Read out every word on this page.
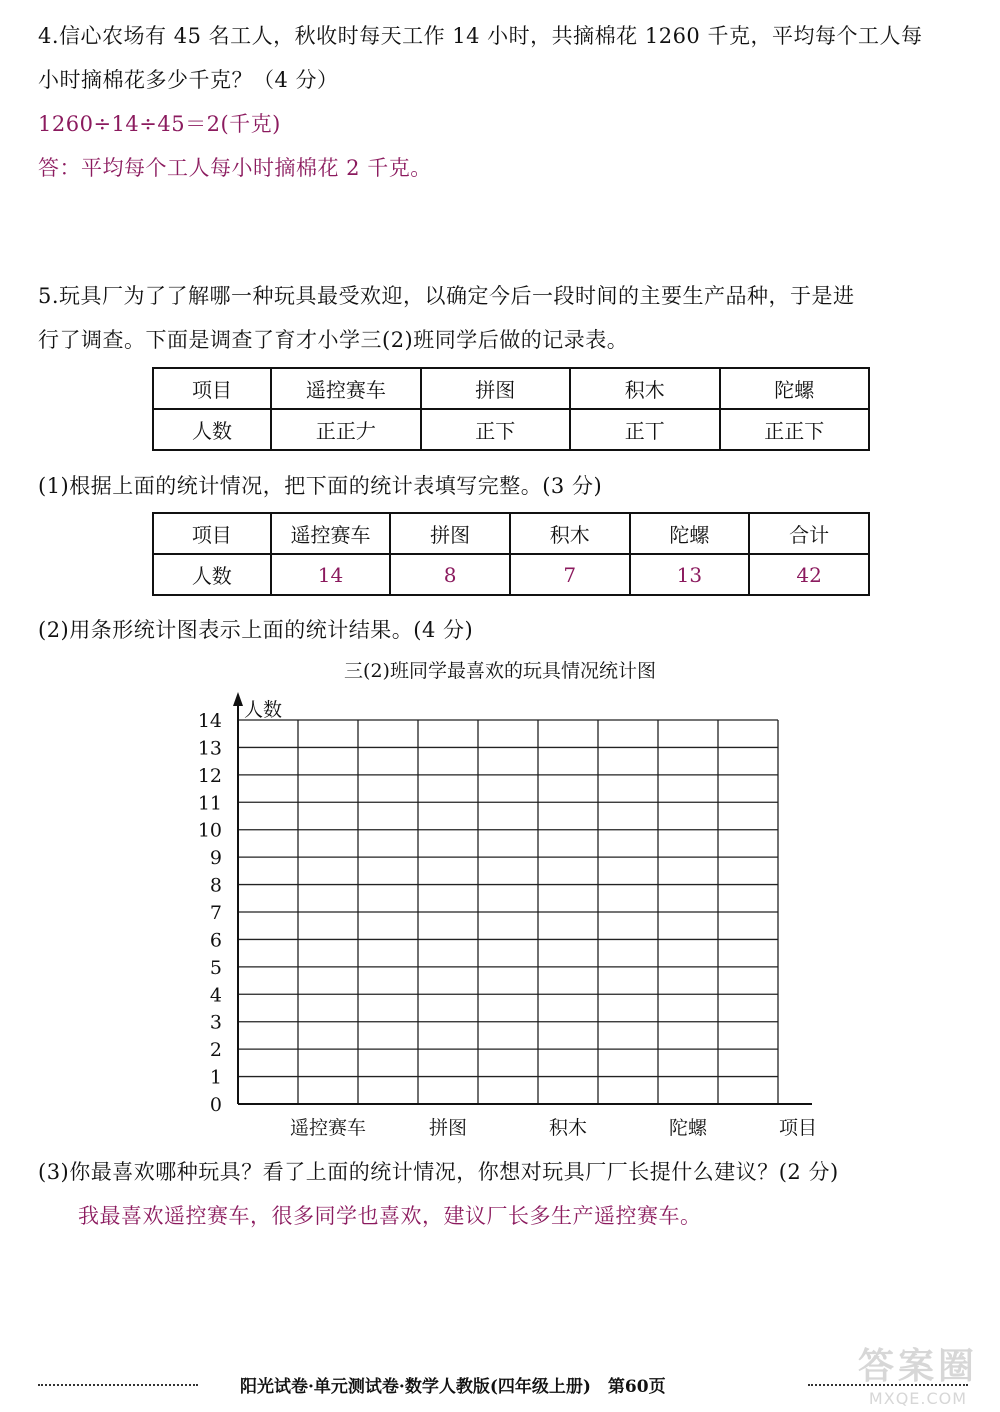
4.信心农场有 45 名工人，秋收时每天工作 14 小时，共摘棉花 1260 千克，平均每个工人每
小时摘棉花多少千克？（4 分）
1260÷14÷45＝2(千克)
答：平均每个工人每小时摘棉花 2 千克。
5.玩具厂为了了解哪一种玩具最受欢迎，以确定今后一段时间的主要生产品种，于是进
行了调查。下面是调查了育才小学三(2)班同学后做的记录表。
项目	遥控赛车	拼图	积木	陀螺
人数	正正𠂇	正下	正丅	正正下
(1)根据上面的统计情况，把下面的统计表填写完整。(3 分)
项目	遥控赛车	拼图	积木	陀螺	合计
人数	14	8	7	13	42
(2)用条形统计图表示上面的统计结果。(4 分)
三(2)班同学最喜欢的玩具情况统计图
0
1
2
3
4
5
6
7
8
9
10
11
12
13
14 人数
遥控赛车	拼图	积木	陀螺	项目
(3)你最喜欢哪种玩具？看了上面的统计情况，你想对玩具厂厂长提什么建议？(2 分)
我最喜欢遥控赛车，很多同学也喜欢，建议厂长多生产遥控赛车。
阳光试卷·单元测试卷·数学人教版(四年级上册)　第60页	答案圈
MXQE.COM
